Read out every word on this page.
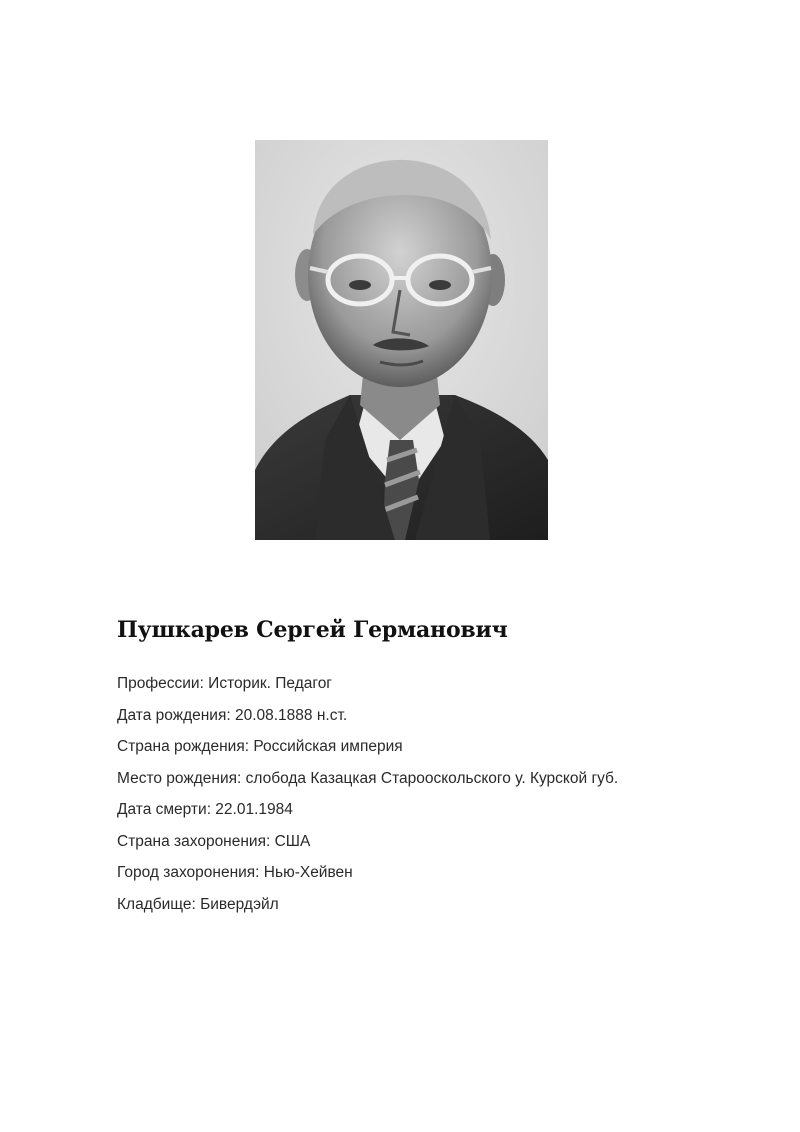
Пушкарев Сергей Германович
Профессии: Историк. Педагог
Дата рождения: 20.08.1888 н.ст.
Страна рождения: Российская империя
Место рождения: слобода Казацкая Старооскольского у. Курской губ.
Дата смерти: 22.01.1984
Страна захоронения: США
Город захоронения: Нью-Хейвен
Кладбище: Бивердэйл
